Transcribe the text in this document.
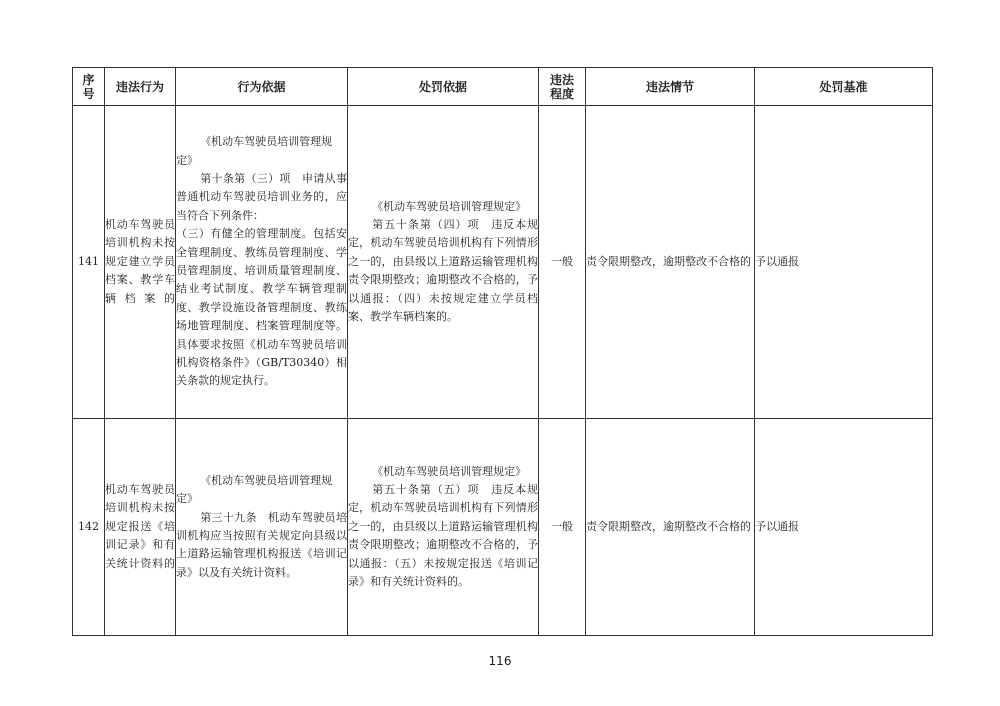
序号	违法行为	行为依据	处罚依据	违法程度	违法情节	处罚基准
141	机动车驾驶员培训机构未按规定建立学员档案、教学车辆档案的	《机动车驾驶员培训管理规定》
第十条第（三）项　申请从事普通机动车驾驶员培训业务的，应当符合下列条件：
（三）有健全的管理制度。包括安全管理制度、教练员管理制度、学员管理制度、培训质量管理制度、结业考试制度、教学车辆管理制度、教学设施设备管理制度、教练场地管理制度、档案管理制度等。具体要求按照《机动车驾驶员培训机构资格条件》（GB/T30340）相关条款的规定执行。	《机动车驾驶员培训管理规定》
第五十条第（四）项　违反本规定，机动车驾驶员培训机构有下列情形之一的，由县级以上道路运输管理机构责令限期整改；逾期整改不合格的，予以通报：（四）未按规定建立学员档案、教学车辆档案的。	一般	责令限期整改，逾期整改不合格的	予以通报
142	机动车驾驶员培训机构未按规定报送《培训记录》和有关统计资料的	《机动车驾驶员培训管理规定》
第三十九条　机动车驾驶员培训机构应当按照有关规定向县级以上道路运输管理机构报送《培训记录》以及有关统计资料。	《机动车驾驶员培训管理规定》
第五十条第（五）项　违反本规定，机动车驾驶员培训机构有下列情形之一的，由县级以上道路运输管理机构责令限期整改；逾期整改不合格的，予以通报：（五）未按规定报送《培训记录》和有关统计资料的。	一般	责令限期整改，逾期整改不合格的	予以通报
116
